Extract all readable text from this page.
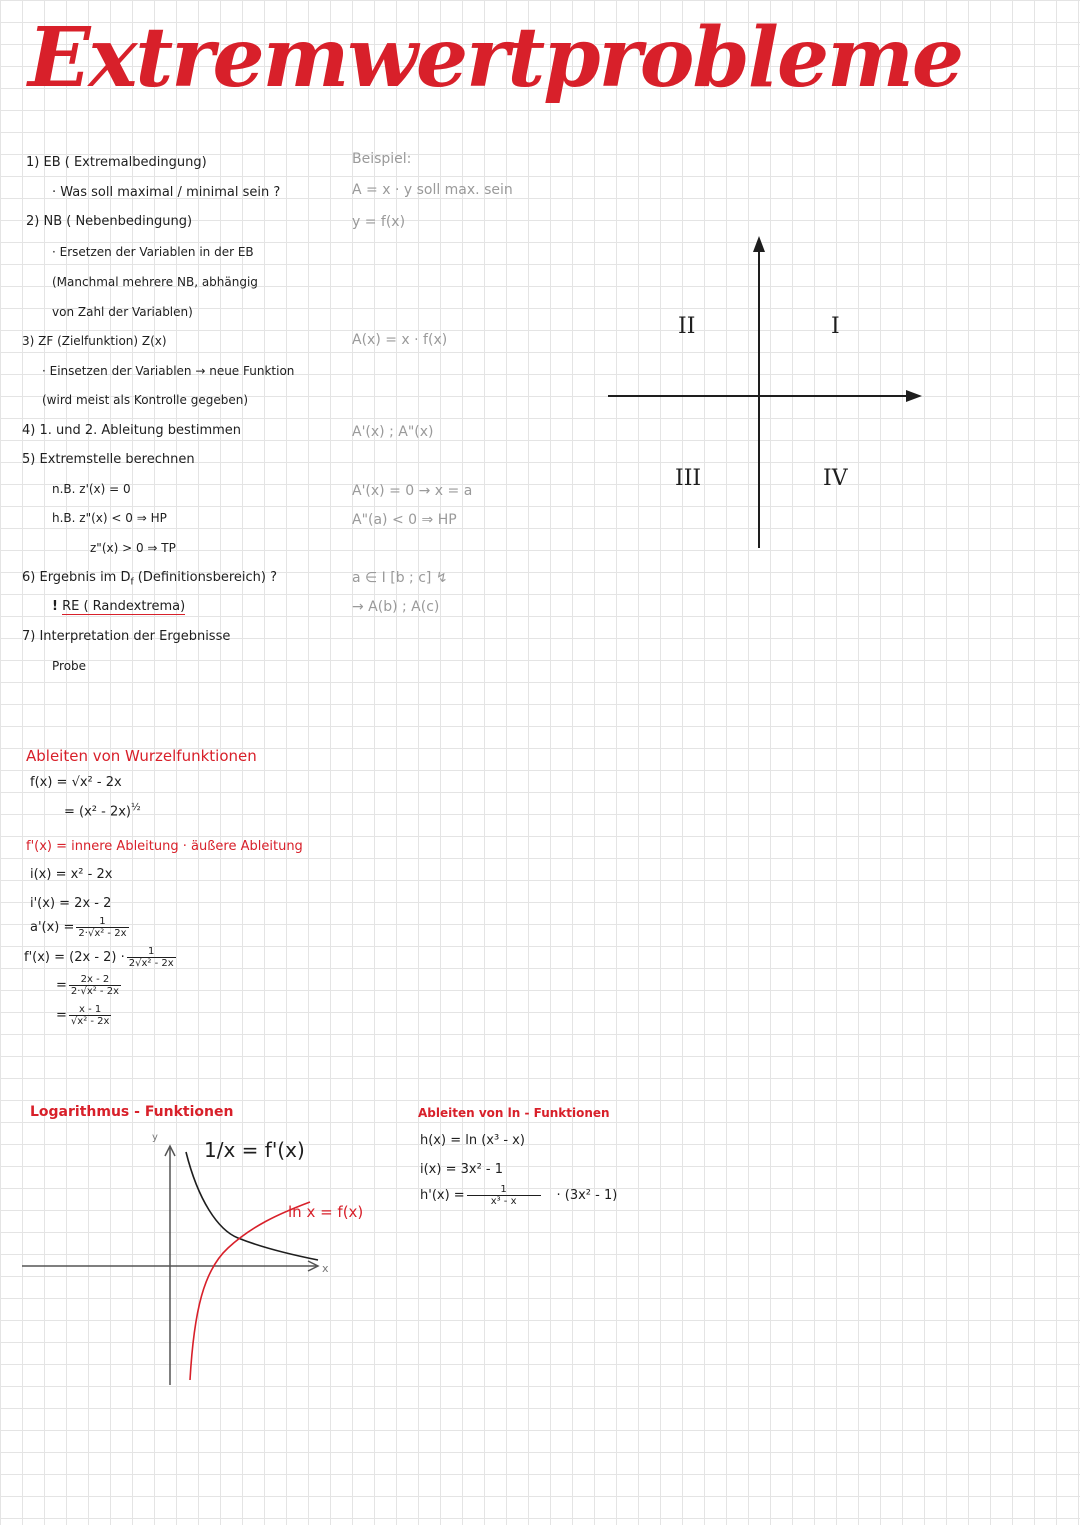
Extremwertprobleme
1) EB ( Extremalbedingung)
· Was soll maximal / minimal sein ?
2) NB ( Nebenbedingung)
· Ersetzen der Variablen in der EB
(Manchmal mehrere NB, abhängig
von Zahl der Variablen)
3) ZF (Zielfunktion) Z(x)
· Einsetzen der Variablen → neue Funktion
(wird meist als Kontrolle gegeben)
4) 1. und 2. Ableitung bestimmen
5) Extremstelle berechnen
n.B. z'(x) = 0
h.B. z"(x) < 0 ⇒ HP
z"(x) > 0 ⇒ TP
6) Ergebnis im $D_f$ (Definitionsbereich) ?
! RE ( Randextrema)
7) Interpretation der Ergebnisse
Probe
Beispiel:
A = x · y soll max. sein
y = f(x)
A(x) = x · f(x)
A'(x) ; A"(x)
A'(x) = 0 → x = a
A"(a) < 0 ⇒ HP
a ∈ I [b ; c] ↯
→ A(b) ; A(c)
II	I
III	IV
Ableiten von Wurzelfunktionen
f(x) = √x² - 2x
= (x² - 2x)$^{\frac{1}{2}}$
f'(x) = innere Ableitung · äußere Ableitung
i(x) = x² - 2x
i'(x) = 2x - 2
$a'(x) = \frac{1}{\text{2·√x² - 2x}}$
$f'(x) = (2x - 2) \cdot \frac{1}{\text{2√x² - 2x}}$
= $\frac{2x - 2}{\text{2·√x² - 2x}}$
= $\frac{x - 1}{\text{√x² - 2x}}$
Logarithmus - Funktionen
y
x
1/x = f'(x)
ln x = f(x)
Ableiten von ln - Funktionen
h(x) = ln (x³ - x)
i(x) = 3x² - 1
$h'(x) = \frac{1}{\text{x³ - x}} \cdot (3x^2 - 1)$
